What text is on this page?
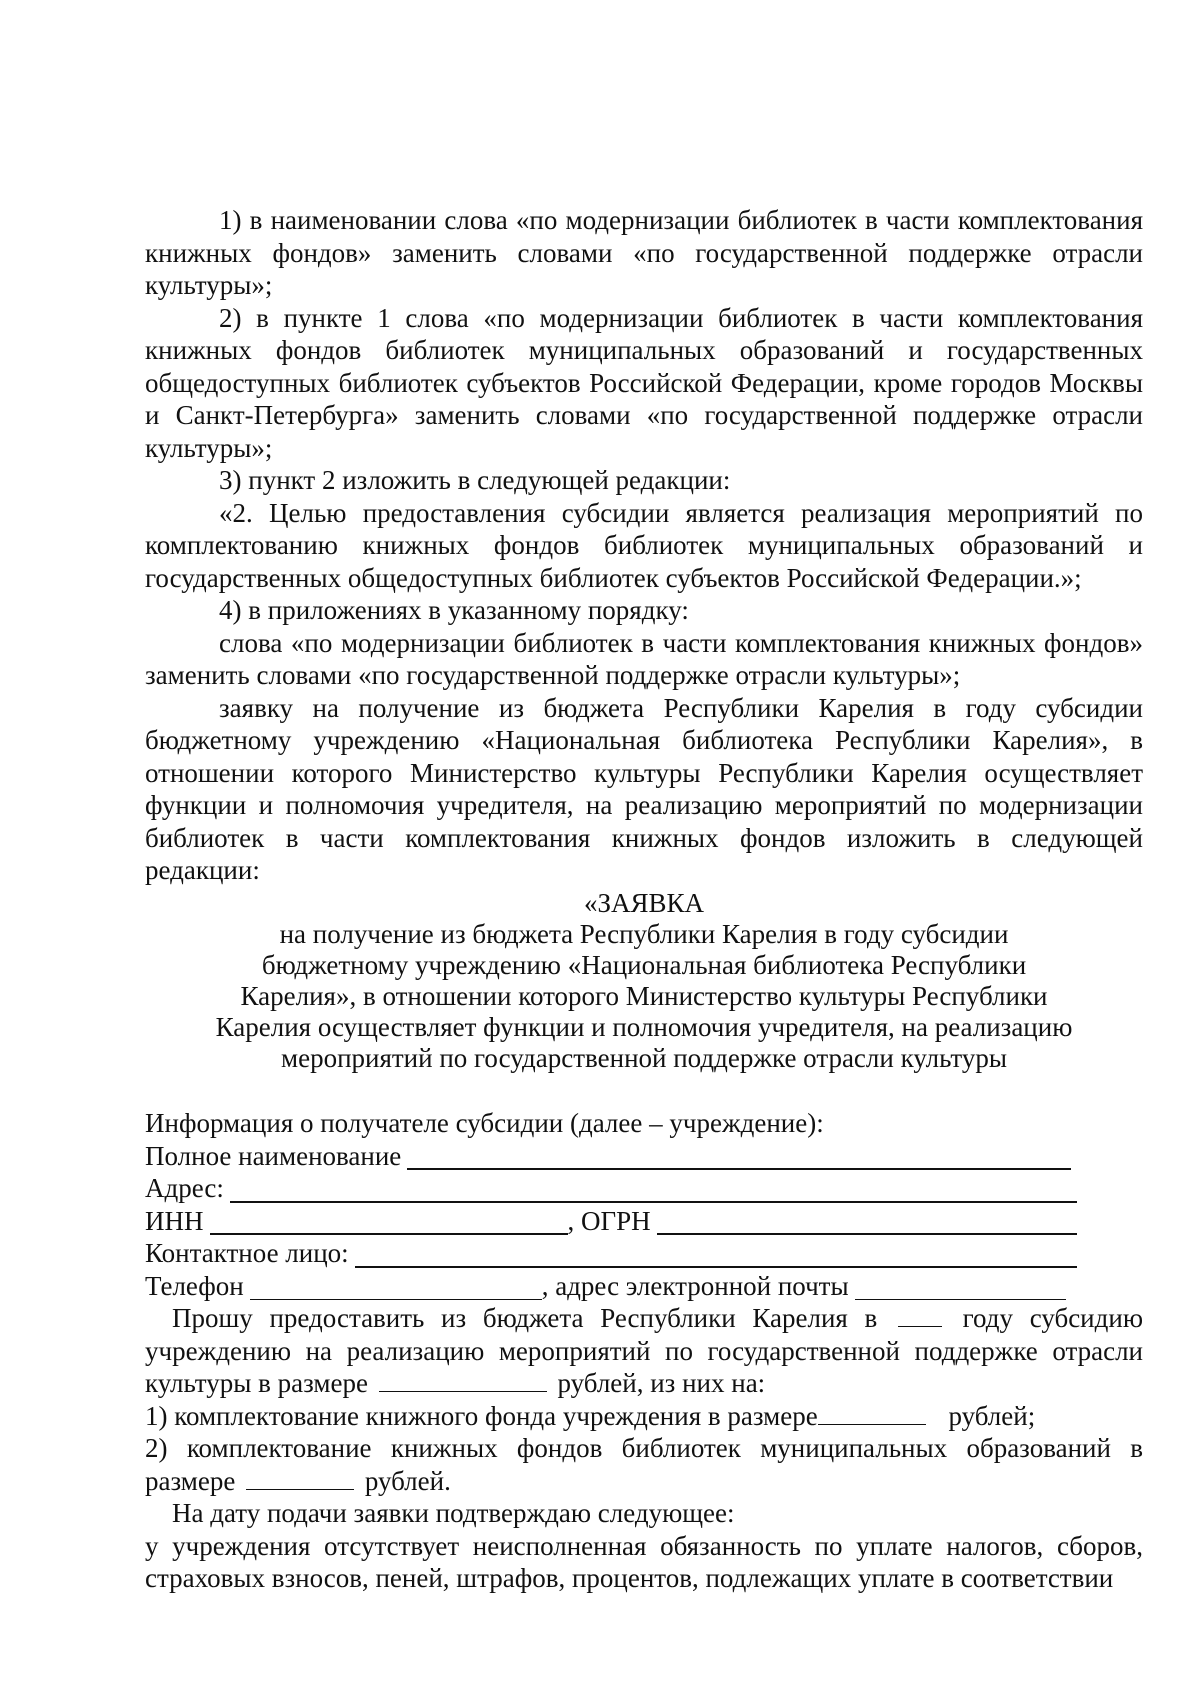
1) в наименовании слова «по модернизации библиотек в части комплектования книжных фондов» заменить словами «по государственной поддержке отрасли культуры»;

2) в пункте 1 слова «по модернизации библиотек в части комплектования книжных фондов библиотек муниципальных образований и государственных общедоступных библиотек субъектов Российской Федерации, кроме городов Москвы и Санкт-Петербурга» заменить словами «по государственной поддержке отрасли культуры»;

3) пункт 2 изложить в следующей редакции:

«2. Целью предоставления субсидии является реализация мероприятий по комплектованию книжных фондов библиотек муниципальных образований и государственных общедоступных библиотек субъектов Российской Федерации.»;

4) в приложениях в указанному порядку:

слова «по модернизации библиотек в части комплектования книжных фондов» заменить словами «по государственной поддержке отрасли культуры»;

заявку на получение из бюджета Республики Карелия в году субсидии бюджетному учреждению «Национальная библиотека Республики Карелия», в отношении которого Министерство культуры Республики Карелия осуществляет функции и полномочия учредителя, на реализацию мероприятий по модернизации библиотек в части комплектования книжных фондов изложить в следующей редакции:

«ЗАЯВКА

на получение из бюджета Республики Карелия в году субсидии

бюджетному учреждению «Национальная библиотека Республики

Карелия», в отношении которого Министерство культуры Республики

Карелия осуществляет функции и полномочия учредителя, на реализацию

мероприятий по государственной поддержке отрасли культуры

Информация о получателе субсидии (далее – учреждение):

Полное наименование
Адрес:
ИНН	, ОГРН
Контактное лицо:
Телефон	, адрес электронной почты

Прошу предоставить из бюджета Республики Карелия в	году субсидию учреждению на реализацию мероприятий по государственной поддержке отрасли культуры в размере	рублей, из них на:

1) комплектование книжного фонда учреждения в размере	рублей;

2) комплектование книжных фондов библиотек муниципальных образований в размере	рублей.

На дату подачи заявки подтверждаю следующее:

у учреждения отсутствует неисполненная обязанность по уплате налогов, сборов, страховых взносов, пеней, штрафов, процентов, подлежащих уплате в соответствии
